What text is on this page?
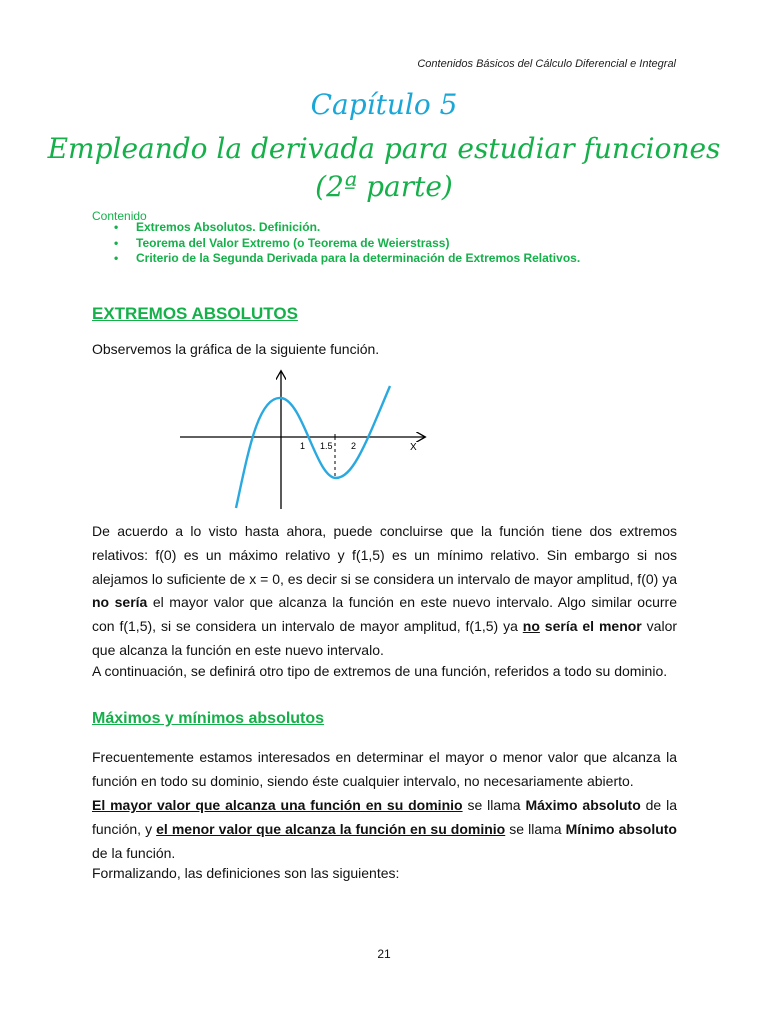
Contenidos Básicos del Cálculo Diferencial e Integral
Capítulo 5
Empleando la derivada para estudiar funciones
(2ª parte)
Contenido
• Extremos Absolutos. Definición.
• Teorema del Valor Extremo (o Teorema de Weierstrass)
• Criterio de la Segunda Derivada para la determinación de Extremos Relativos.
EXTREMOS ABSOLUTOS
Observemos la gráfica de la siguiente función.
1 1.5 2	X
De acuerdo a lo visto hasta ahora, puede concluirse que la función tiene dos extremos relativos: f(0) es un máximo relativo y f(1,5) es un mínimo relativo. Sin embargo si nos alejamos lo suficiente de x = 0, es decir si se considera un intervalo de mayor amplitud, f(0) ya no sería el mayor valor que alcanza la función en este nuevo intervalo. Algo similar ocurre con f(1,5), si se considera un intervalo de mayor amplitud, f(1,5) ya no sería el menor valor que alcanza la función en este nuevo intervalo.
A continuación, se definirá otro tipo de extremos de una función, referidos a todo su dominio.
Máximos y mínimos absolutos
Frecuentemente estamos interesados en determinar el mayor o menor valor que alcanza la función en todo su dominio, siendo éste cualquier intervalo, no necesariamente abierto.
El mayor valor que alcanza una función en su dominio se llama Máximo absoluto de la función, y el menor valor que alcanza la función en su dominio se llama Mínimo absoluto de la función.
Formalizando, las definiciones son las siguientes:
21
